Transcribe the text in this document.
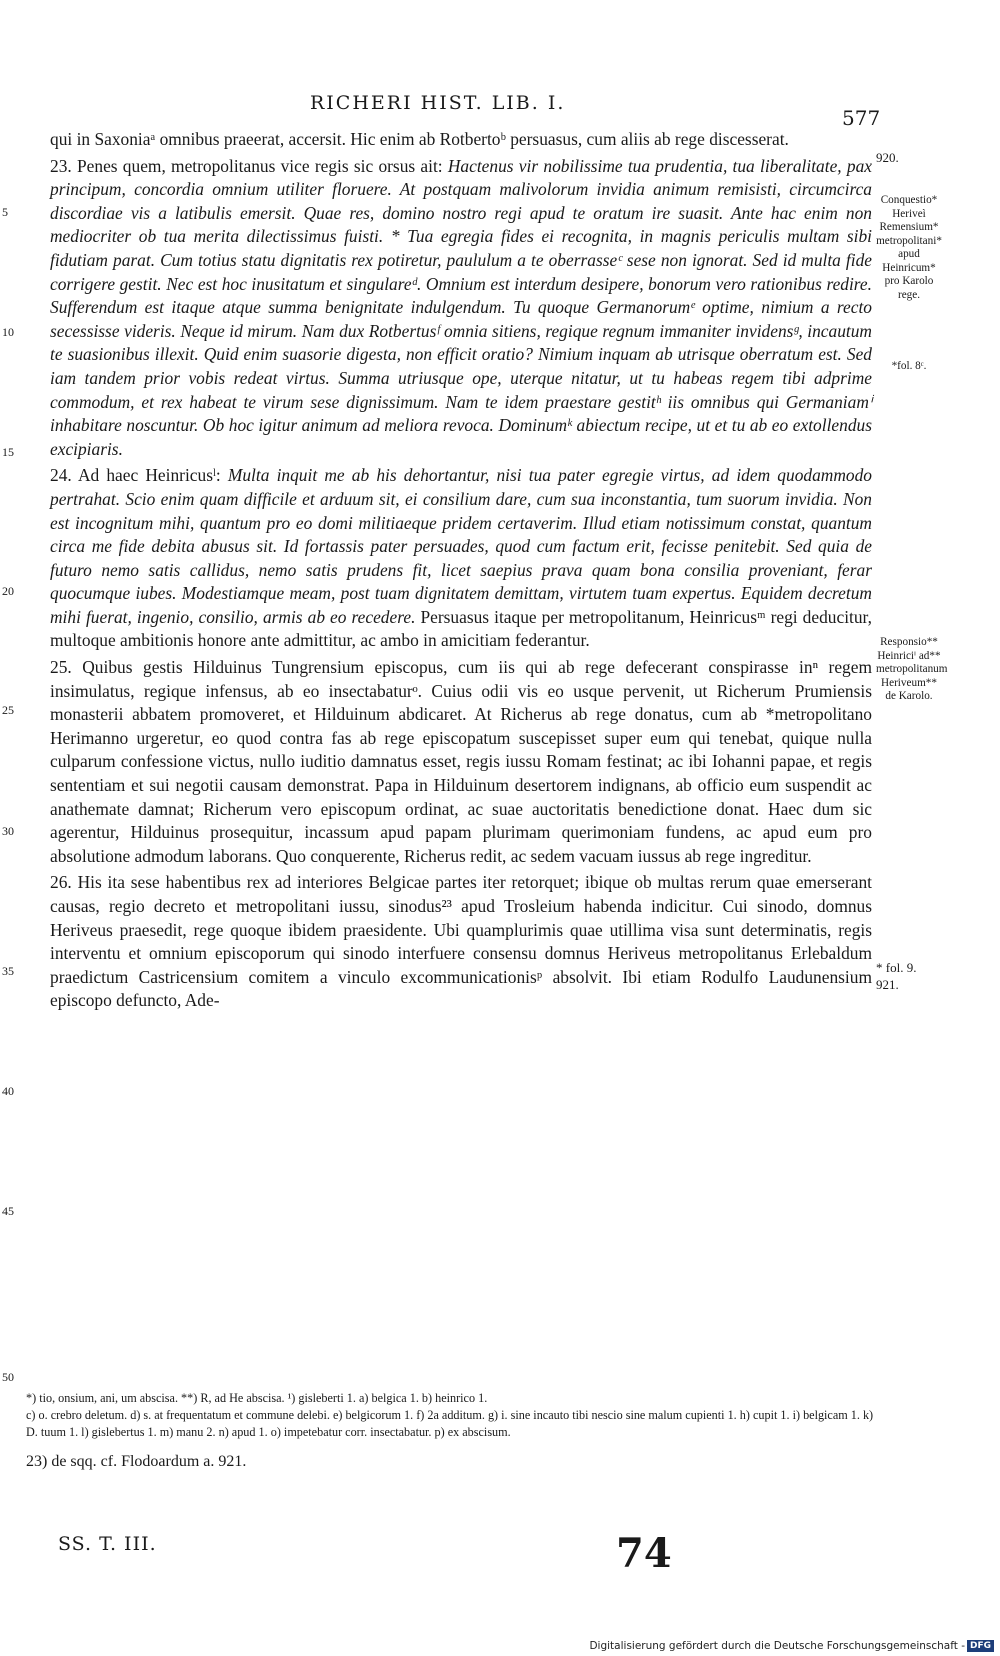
RICHERI HIST. LIB. I.
577
5
10
15
20
25
30
35
40
45
50

qui in Saxoniaᵃ omnibus praeerat, accersit. Hic enim ab Rotbertoᵇ persuasus, cum aliis ab rege discesserat.

23. Penes quem, metropolitanus vice regis sic orsus ait: Hactenus vir nobilissime tua prudentia, tua liberalitate, pax principum, concordia omnium utiliter floruere. At postquam malivolorum invidia animum remisisti, circumcirca discordiae vis a latibulis emersit. Quae res, domino nostro regi apud te oratum ire suasit. Ante hac enim non mediocriter ob tua merita dilectissimus fuisti. * Tua egregia fides ei recognita, in magnis periculis multam sibi fidutiam parat. Cum totius statu dignitatis rex potiretur, paululum a te oberrasseᶜ sese non ignorat. Sed id multa fide corrigere gestit. Nec est hoc inusitatum et singulareᵈ. Omnium est interdum desipere, bonorum vero rationibus redire. Sufferendum est itaque atque summa benignitate indulgendum. Tu quoque Germanorumᵉ optime, nimium a recto secessisse videris. Neque id mirum. Nam dux Rotbertusᶠ omnia sitiens, regique regnum immaniter invidensᵍ, incautum te suasionibus illexit. Quid enim suasorie digesta, non efficit oratio? Nimium inquam ab utrisque oberratum est. Sed iam tandem prior vobis redeat virtus. Summa utriusque ope, uterque nitatur, ut tu habeas regem tibi adprime commodum, et rex habeat te virum sese dignissimum. Nam te idem praestare gestitʰ iis omnibus qui Germaniamⁱ inhabitare noscuntur. Ob hoc igitur animum ad meliora revoca. Dominumᵏ abiectum recipe, ut et tu ab eo extollendus excipiaris.

24. Ad haec Heinricusˡ: Multa inquit me ab his dehortantur, nisi tua pater egregie virtus, ad idem quodammodo pertrahat. Scio enim quam difficile et arduum sit, ei consilium dare, cum sua inconstantia, tum suorum invidia. Non est incognitum mihi, quantum pro eo domi militiaeque pridem certaverim. Illud etiam notissimum constat, quantum circa me fide debita abusus sit. Id fortassis pater persuades, quod cum factum erit, fecisse penitebit. Sed quia de futuro nemo satis callidus, nemo satis prudens fit, licet saepius prava quam bona consilia proveniant, ferar quocumque iubes. Modestiamque meam, post tuam dignitatem demittam, virtutem tuam expertus. Equidem decretum mihi fuerat, ingenio, consilio, armis ab eo recedere. Persuasus itaque per metropolitanum, Heinricusᵐ regi deducitur, multoque ambitionis honore ante admittitur, ac ambo in amicitiam federantur.

25. Quibus gestis Hilduinus Tungrensium episcopus, cum iis qui ab rege defecerant conspirasse inⁿ regem insimulatus, regique infensus, ab eo insectabaturᵒ. Cuius odii vis eo usque pervenit, ut Richerum Prumiensis monasterii abbatem promoveret, et Hilduinum abdicaret. At Richerus ab rege donatus, cum ab *metropolitano Herimanno urgeretur, eo quod contra fas ab rege episcopatum suscepisset super eum qui tenebat, quique nulla culparum confessione victus, nullo iuditio damnatus esset, regis iussu Romam festinat; ac ibi Iohanni papae, et regis sententiam et sui negotii causam demonstrat. Papa in Hilduinum desertorem indignans, ab officio eum suspendit ac anathemate damnat; Richerum vero episcopum ordinat, ac suae auctoritatis benedictione donat. Haec dum sic agerentur, Hilduinus prosequitur, incassum apud papam plurimam querimoniam fundens, ac apud eum pro absolutione admodum laborans. Quo conquerente, Richerus redit, ac sedem vacuam iussus ab rege ingreditur.

26. His ita sese habentibus rex ad interiores Belgicae partes iter retorquet; ibique ob multas rerum quae emerserant causas, regio decreto et metropolitani iussu, sinodus²³ apud Trosleium habenda indicitur. Cui sinodo, domnus Heriveus praesedit, rege quoque ibidem praesidente. Ubi quamplurimis quae utillima visa sunt determinatis, regis interventu et omnium episcoporum qui sinodo interfuere consensu domnus Heriveus metropolitanus Erlebaldum praedictum Castricensium comitem a vinculo excommunicationisᵖ absolvit. Ibi etiam Rodulfo Laudunensium episcopo defuncto, Ade-

920.
Conquestio* Heriveì Remensium* metropolitani* apud Heinricum* pro Karolo rege.
*fol. 8ᶜ.
Responsio** Heinriciⁱ ad** metropolitanum Heriveum** de Karolo.
* fol. 9.
921.

*) tio, onsium, ani, um abscisa. **) R, ad He abscisa. ¹) gisleberti 1. a) belgica 1. b) heinrico 1.

c) o. crebro deletum. d) s. at frequentatum et commune delebi. e) belgicorum 1. f) 2a additum. g) i. sine incauto tibi nescio sine malum cupienti 1. h) cupit 1. i) belgicam 1. k) D. tuum 1. l) gislebertus 1. m) manu 2. n) apud 1. o) impetebatur corr. insectabatur. p) ex abscisum.

23) de sqq. cf. Flodoardum a. 921.

SS. T. III.	74
Digitalisierung gefördert durch die Deutsche Forschungsgemeinschaft - DFG
